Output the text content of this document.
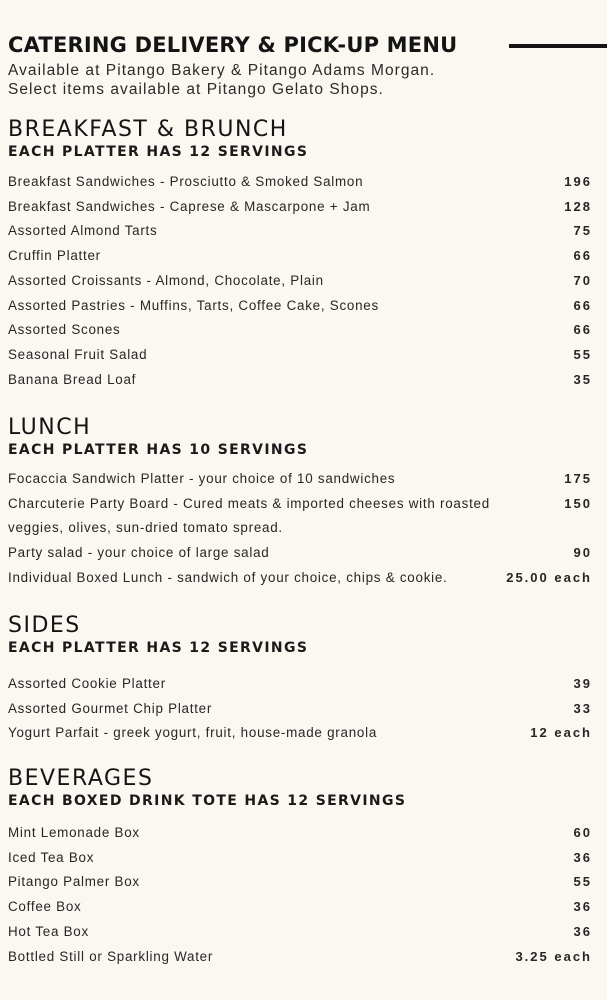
CATERING DELIVERY & PICK-UP MENU

Available at Pitango Bakery & Pitango Adams Morgan.

Select items available at Pitango Gelato Shops.

BREAKFAST & BRUNCH

EACH PLATTER HAS 12 SERVINGS

Breakfast Sandwiches - Prosciutto & Smoked Salmon	196
Breakfast Sandwiches - Caprese & Mascarpone + Jam	128
Assorted Almond Tarts	75
Cruffin Platter	66
Assorted Croissants - Almond, Chocolate, Plain	70
Assorted Pastries - Muffins, Tarts, Coffee Cake, Scones	66
Assorted Scones	66
Seasonal Fruit Salad	55
Banana Bread Loaf	35
LUNCH

EACH PLATTER HAS 10 SERVINGS

Focaccia Sandwich Platter - your choice of 10 sandwiches	175
Charcuterie Party Board - Cured meats & imported cheeses with roasted veggies, olives, sun-dried tomato spread.
150
Party salad - your choice of large salad	90
Individual Boxed Lunch - sandwich of your choice, chips & cookie.	25.00 each
SIDES

EACH PLATTER HAS 12 SERVINGS

Assorted Cookie Platter	39
Assorted Gourmet Chip Platter	33
Yogurt Parfait - greek yogurt, fruit, house-made granola	12 each
BEVERAGES

EACH BOXED DRINK TOTE HAS 12 SERVINGS

Mint Lemonade Box	60
Iced Tea Box	36
Pitango Palmer Box	55
Coffee Box	36
Hot Tea Box	36
Bottled Still or Sparkling Water	3.25 each
